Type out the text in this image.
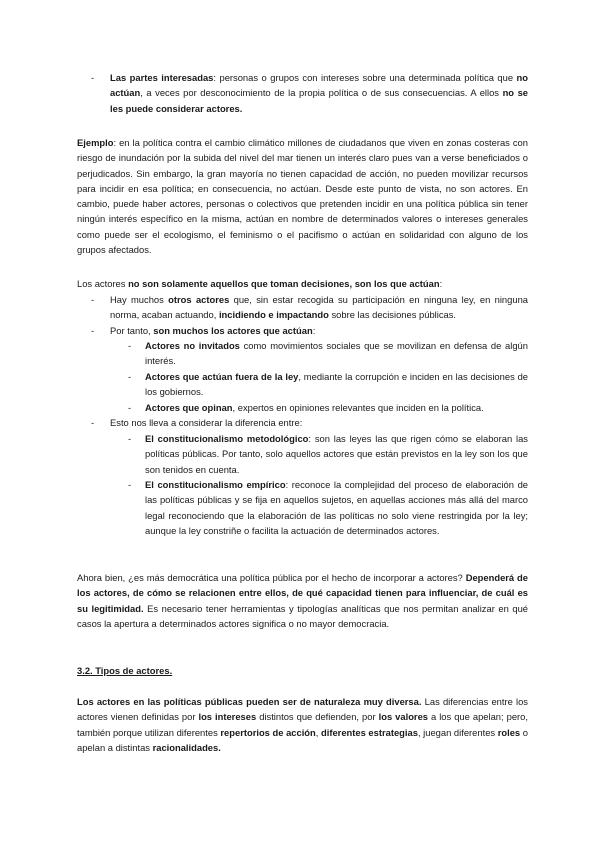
-	Las partes interesadas: personas o grupos con intereses sobre una determinada política que no actúan, a veces por desconocimiento de la propia política o de sus consecuencias. A ellos no se les puede considerar actores.

Ejemplo: en la política contra el cambio climático millones de ciudadanos que viven en zonas costeras con riesgo de inundación por la subida del nivel del mar tienen un interés claro pues van a verse beneficiados o perjudicados. Sin embargo, la gran mayoría no tienen capacidad de acción, no pueden movilizar recursos para incidir en esa política; en consecuencia, no actúan. Desde este punto de vista, no son actores. En cambio, puede haber actores, personas o colectivos que pretenden incidir en una política pública sin tener ningún interés específico en la misma, actúan en nombre de determinados valores o intereses generales como puede ser el ecologismo, el feminismo o el pacifismo o actúan en solidaridad con alguno de los grupos afectados.

Los actores no son solamente aquellos que toman decisiones, son los que actúan:

-	Hay muchos otros actores que, sin estar recogida su participación en ninguna ley, en ninguna norma, acaban actuando, incidiendo e impactando sobre las decisiones públicas.

-	Por tanto, son muchos los actores que actúan:

-	Actores no invitados como movimientos sociales que se movilizan en defensa de algún interés.

-	Actores que actúan fuera de la ley, mediante la corrupción e inciden en las decisiones de los gobiernos.

-	Actores que opinan, expertos en opiniones relevantes que inciden en la política.

-	Esto nos lleva a considerar la diferencia entre:

-	El constitucionalismo metodológico: son las leyes las que rigen cómo se elaboran las políticas públicas. Por tanto, solo aquellos actores que están previstos en la ley son los que son tenidos en cuenta.

-	El constitucionalismo empírico: reconoce la complejidad del proceso de elaboración de las políticas públicas y se fija en aquellos sujetos, en aquellas acciones más allá del marco legal reconociendo que la elaboración de las políticas no solo viene restringida por la ley; aunque la ley constriñe o facilita la actuación de determinados actores.

Ahora bien, ¿es más democrática una política pública por el hecho de incorporar a actores? Dependerá de los actores, de cómo se relacionen entre ellos, de qué capacidad tienen para influenciar, de cuál es su legitimidad. Es necesario tener herramientas y tipologías analíticas que nos permitan analizar en qué casos la apertura a determinados actores significa o no mayor democracia.

3.2. Tipos de actores.

Los actores en las políticas públicas pueden ser de naturaleza muy diversa. Las diferencias entre los actores vienen definidas por los intereses distintos que defienden, por los valores a los que apelan; pero, también porque utilizan diferentes repertorios de acción, diferentes estrategias, juegan diferentes roles o apelan a distintas racionalidades.
